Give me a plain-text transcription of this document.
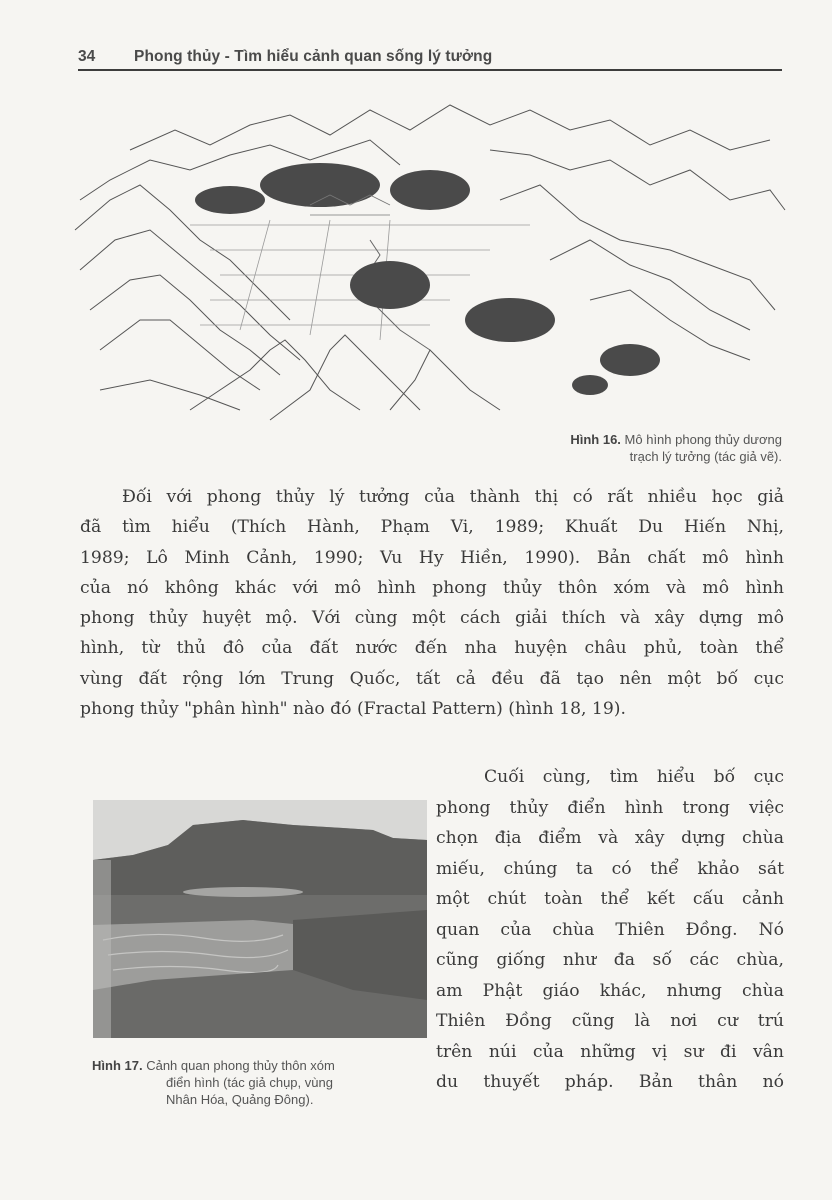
34	Phong thủy - Tìm hiểu cảnh quan sống lý tưởng
Hình 16. Mô hình phong thủy dương
trạch lý tưởng (tác giả vẽ).
Đối với phong thủy lý tưởng của thành thị có rất nhiều học giả
đã tìm hiểu (Thích Hành, Phạm Vi, 1989; Khuất Du Hiến Nhị,
1989; Lô Minh Cảnh, 1990; Vu Hy Hiền, 1990). Bản chất mô hình
của nó không khác với mô hình phong thủy thôn xóm và mô hình
phong thủy huyệt mộ. Với cùng một cách giải thích và xây dựng mô
hình, từ thủ đô của đất nước đến nha huyện châu phủ, toàn thể
vùng đất rộng lớn Trung Quốc, tất cả đều đã tạo nên một bố cục
phong thủy "phân hình" nào đó (Fractal Pattern) (hình 18, 19).
Hình 17. Cảnh quan phong thủy thôn xóm
điển hình (tác giả chụp, vùng
Nhân Hóa, Quảng Đông).
Cuối cùng, tìm hiểu bố cục
phong thủy điển hình trong việc
chọn địa điểm và xây dựng chùa
miếu, chúng ta có thể khảo sát
một chút toàn thể kết cấu cảnh
quan của chùa Thiên Đồng. Nó
cũng giống như đa số các chùa,
am Phật giáo khác, nhưng chùa
Thiên Đồng cũng là nơi cư trú
trên núi của những vị sư đi vân
du thuyết pháp. Bản thân nó
